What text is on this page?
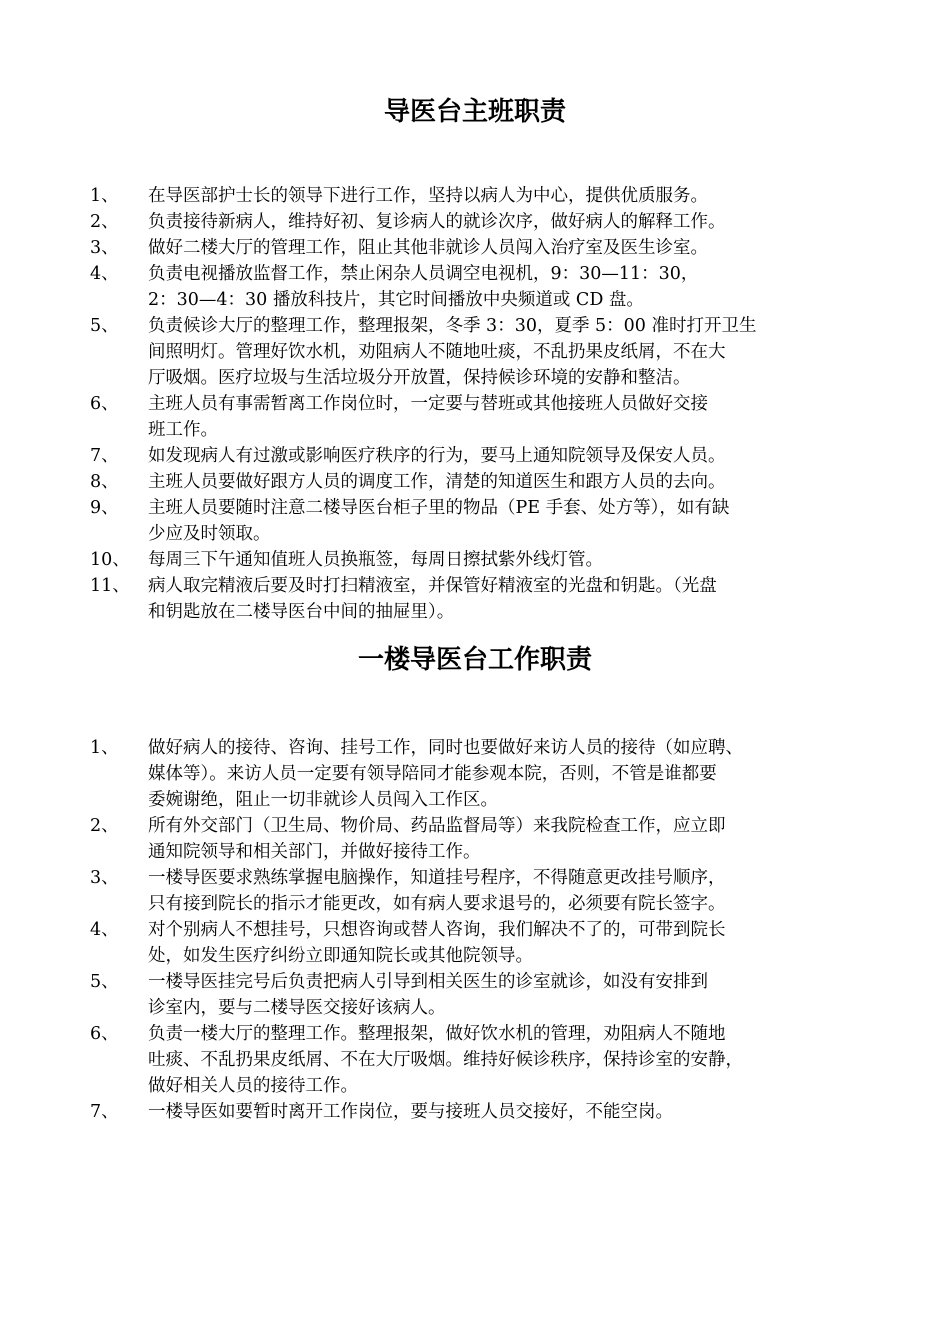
导医台主班职责
1、	在导医部护士长的领导下进行工作，坚持以病人为中心，提供优质服务。
2、	负责接待新病人，维持好初、复诊病人的就诊次序，做好病人的解释工作。
3、	做好二楼大厅的管理工作，阻止其他非就诊人员闯入治疗室及医生诊室。
4、	负责电视播放监督工作，禁止闲杂人员调空电视机，9：30—11：30，
2：30—4：30 播放科技片，其它时间播放中央频道或 CD 盘。
5、	负责候诊大厅的整理工作，整理报架，冬季 3：30，夏季 5：00 准时打开卫生
间照明灯。管理好饮水机，劝阻病人不随地吐痰，不乱扔果皮纸屑，不在大
厅吸烟。医疗垃圾与生活垃圾分开放置，保持候诊环境的安静和整洁。
6、	主班人员有事需暂离工作岗位时，一定要与替班或其他接班人员做好交接
班工作。
7、	如发现病人有过激或影响医疗秩序的行为，要马上通知院领导及保安人员。
8、	主班人员要做好跟方人员的调度工作，清楚的知道医生和跟方人员的去向。
9、	主班人员要随时注意二楼导医台柜子里的物品（PE 手套、处方等），如有缺
少应及时领取。
10、	每周三下午通知值班人员换瓶签，每周日擦拭紫外线灯管。
11、	病人取完精液后要及时打扫精液室，并保管好精液室的光盘和钥匙。（光盘
和钥匙放在二楼导医台中间的抽屉里）。
一楼导医台工作职责
1、	做好病人的接待、咨询、挂号工作，同时也要做好来访人员的接待（如应聘、
媒体等）。来访人员一定要有领导陪同才能参观本院，否则，不管是谁都要
委婉谢绝，阻止一切非就诊人员闯入工作区。
2、	所有外交部门（卫生局、物价局、药品监督局等）来我院检查工作，应立即
通知院领导和相关部门，并做好接待工作。
3、	一楼导医要求熟练掌握电脑操作，知道挂号程序，不得随意更改挂号顺序，
只有接到院长的指示才能更改，如有病人要求退号的，必须要有院长签字。
4、	对个别病人不想挂号，只想咨询或替人咨询，我们解决不了的，可带到院长
处，如发生医疗纠纷立即通知院长或其他院领导。
5、	一楼导医挂完号后负责把病人引导到相关医生的诊室就诊，如没有安排到
诊室内，要与二楼导医交接好该病人。
6、	负责一楼大厅的整理工作。整理报架，做好饮水机的管理，劝阻病人不随地
吐痰、不乱扔果皮纸屑、不在大厅吸烟。维持好候诊秩序，保持诊室的安静，
做好相关人员的接待工作。
7、	一楼导医如要暂时离开工作岗位，要与接班人员交接好，不能空岗。
